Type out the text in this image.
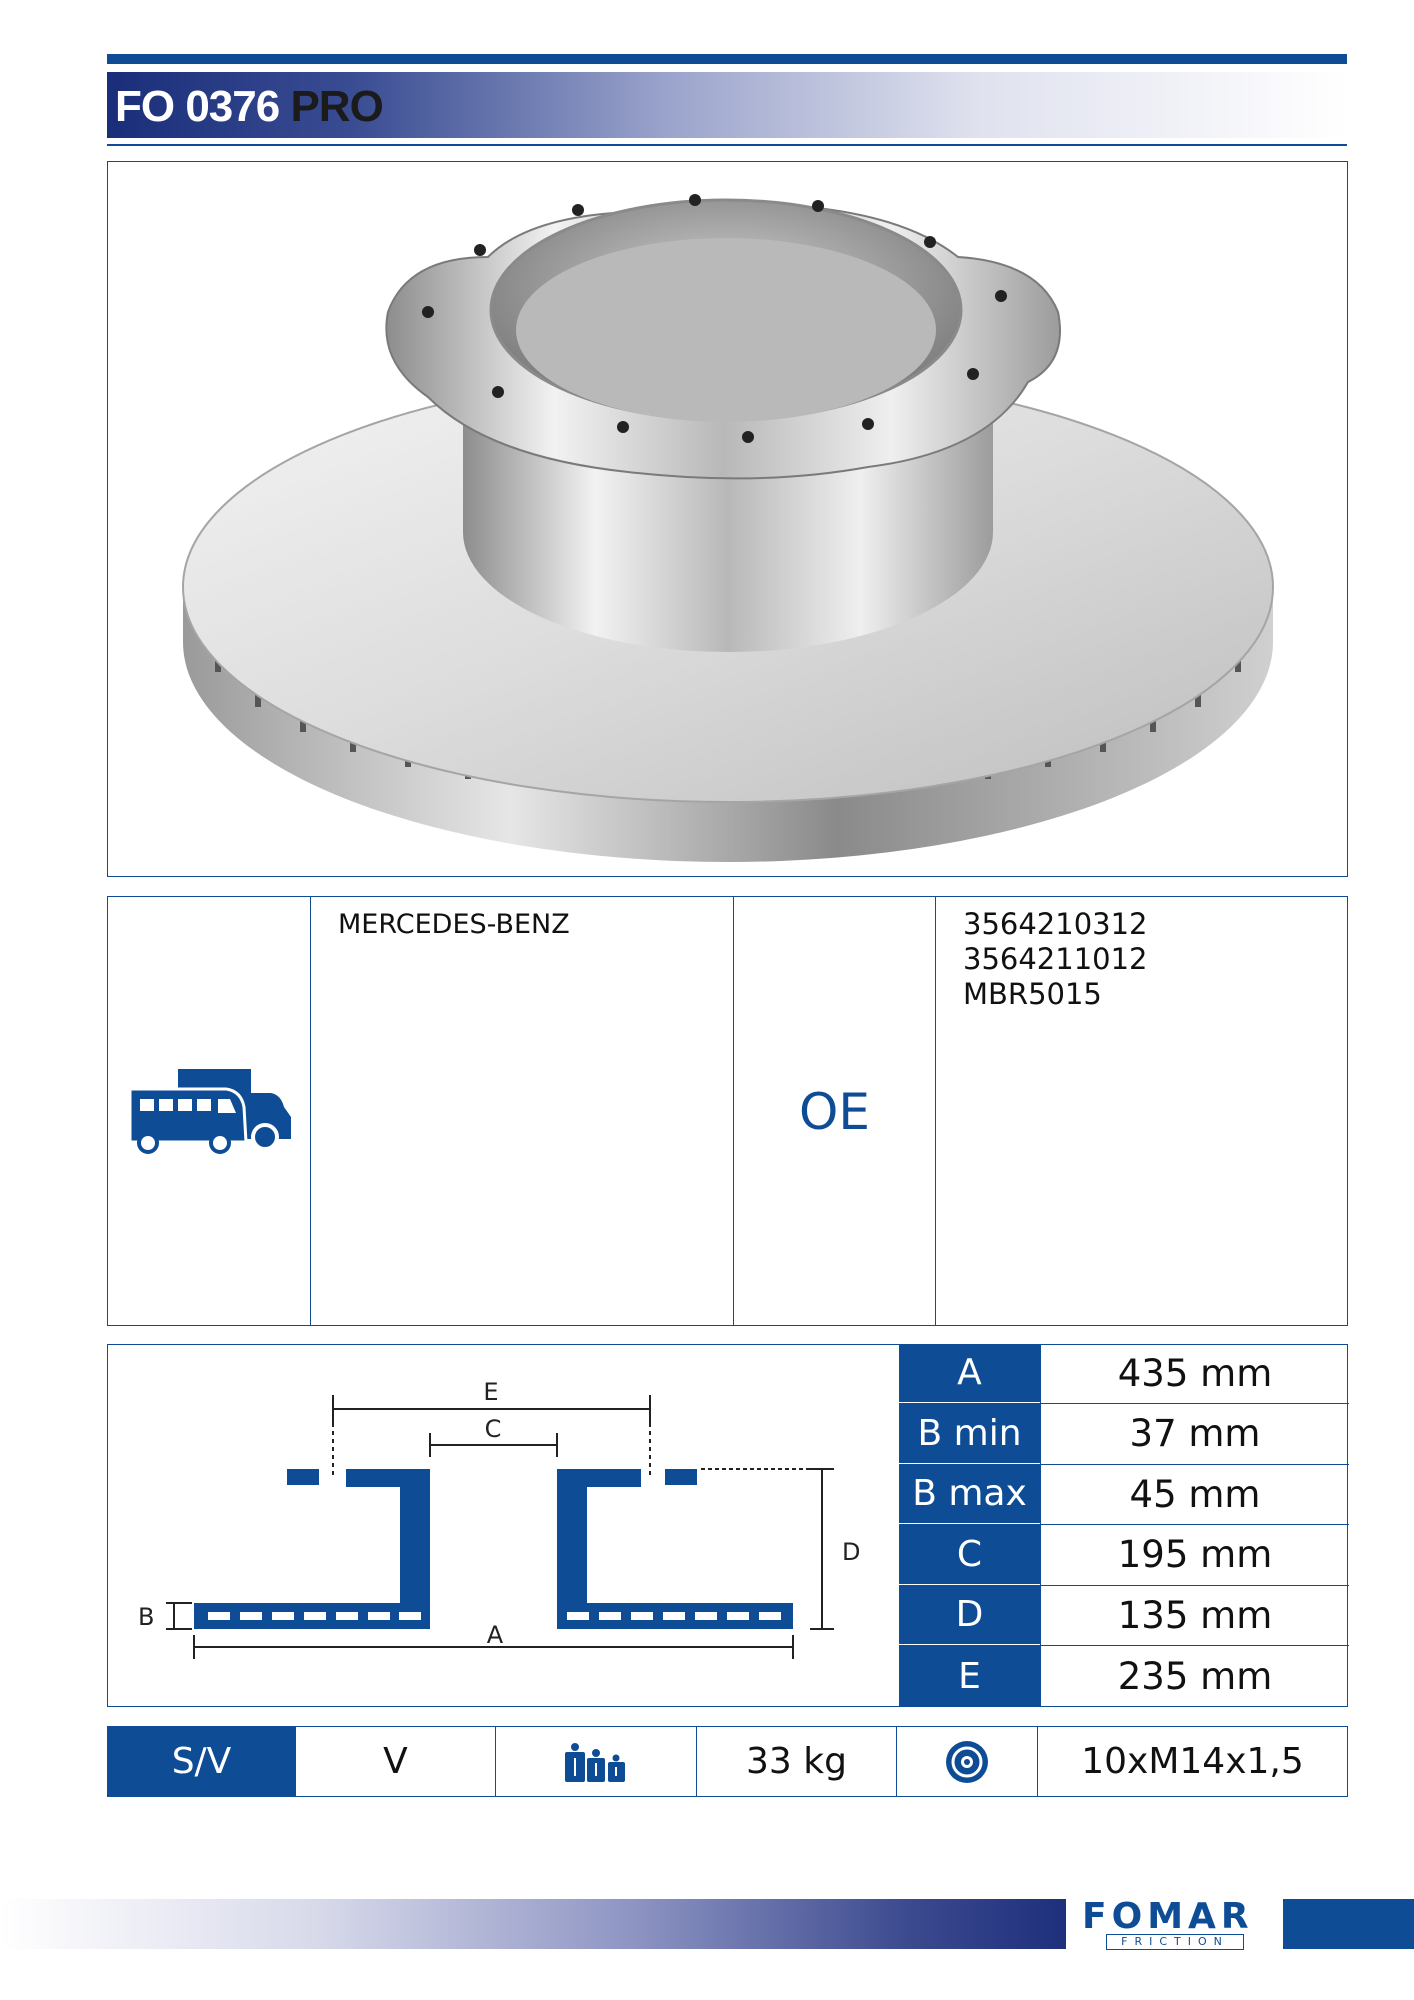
FO 0376 PRO
MERCEDES-BENZ
OE
3564210312
3564211012
MBR5015
E
C
D
B
A
A	435 mm
B min	37 mm
B max	45 mm
C	195 mm
D	135 mm
E	235 mm
S/V	V	33 kg	10xM14x1,5
FOMAR
FRICTION
